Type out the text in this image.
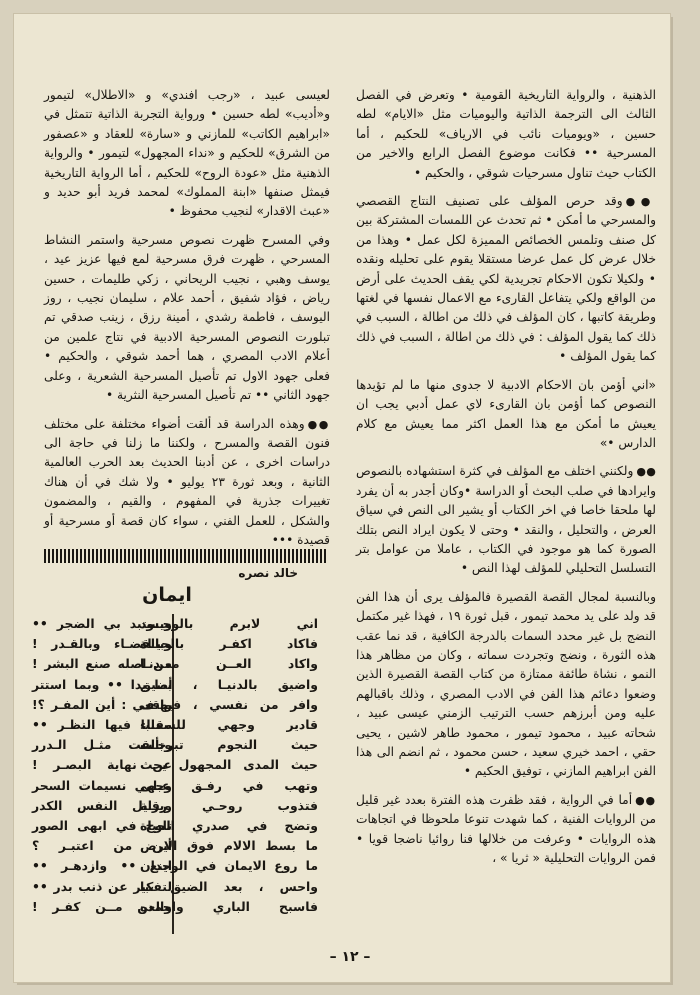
الذهنية ، والرواية التاريخية القومية • وتعرض في الفصل الثالث الى الترجمة الذاتية واليوميات مثل «الايام» لطه حسين ، «ويوميات نائب في الارياف» للحكيم ، أما المسرحية •• فكانت موضوع الفصل الرابع والاخير من الكتاب حيث تناول مسرحيات شوقي ، والحكيم •

●●وقد حرص المؤلف على تصنيف النتاج القصصي والمسرحي ما أمكن • ثم تحدث عن اللمسات المشتركة بين كل صنف وتلمس الخصائص المميزة لكل عمل • وهذا من خلال عرض كل عمل عرضا مستقلا يقوم على تحليله ونقده • ولكيلا تكون الاحكام تجريدية لكي يقف الحديث على أرض من الواقع ولكي يتفاعل القارىء مع الاعمال نفسها في لغتها وطريقة كاتبها ، كان المؤلف في ذلك من اطالة ، السبب في ذلك كما يقول المؤلف : في ذلك من اطالة ، السبب في ذلك كما يقول المؤلف •

«اني أؤمن بان الاحكام الادبية لا جدوى منها ما لم تؤيدها النصوص كما أؤمن بان القارىء لاي عمل أدبي يجب ان يعيش ما أمكن مع هذا العمل اكثر مما يعيش مع كلام الدارس •»

●●ولكنني اختلف مع المؤلف في كثرة استشهاده بالنصوص وايرادها في صلب البحث أو الدراسة •وكان أجدر به أن يفرد لها ملحقا خاصا في اخر الكتاب أو يشير الى النص في سياق العرض ، والتحليل ، والنقد • وحتى لا يكون ايراد النص بتلك الصورة كما هو موجود في الكتاب ، عاملا من عوامل بتر التسلسل التحليلي للمؤلف لهذا النص •

وبالنسبة لمجال القصة القصيرة فالمؤلف يرى أن هذا الفن قد ولد على يد محمد تيمور ، قبل ثورة ١٩ ، فهذا غير مكتمل النضج بل غير محدد السمات بالدرجة الكافية ، قد نما عقب هذه الثورة ، ونضج وتجردت سماته ، وكان من مظاهر هذا النمو ، نشاة طائفة ممتازة من كتاب القصة القصيرة الذين وضعوا دعائم هذا الفن في الادب المصري ، وذلك باقبالهم عليه ومن أبرزهم حسب الترتيب الزمني عيسى عبيد ، شحاته عبيد ، محمود تيمور ، محمود طاهر لاشين ، يحيى حقي ، احمد خيري سعيد ، حسن محمود ، ثم انضم الى هذا الفن ابراهيم المازني ، توفيق الحكيم •

●●أما في الرواية ، فقد ظفرت هذه الفترة بعدد غير قليل من الروايات الفنية ، كما شهدت تنوعا ملحوظا في اتجاهات هذه الروايات • وعرفت من خلالها فنا روائيا ناضجا قويا • فمن الروايات التحليلية « ثريا » ،

لعيسى عبيد ، «رجب افندي» و «الاطلال» لتيمور و«أديب» لطه حسين • ورواية التجربة الذاتية تتمثل في «ابراهيم الكاتب» للمازني و «سارة» للعقاد و «عصفور من الشرق» للحكيم و «نداء المجهول» لتيمور • والرواية الذهنية مثل «عودة الروح» للحكيم ، أما الرواية التاريخية فيمثل صنفها «ابنة المملوك» لمحمد فريد أبو حديد و «عبث الاقدار» لنجيب محفوظ •

وفي المسرح ظهرت نصوص مسرحية واستمر النشاط المسرحي ، ظهرت فرق مسرحية لمع فيها عزيز عيد ، يوسف وهبي ، نجيب الريحاني ، زكي طليمات ، حسين رياض ، فؤاد شفيق ، أحمد علام ، سليمان نجيب ، روز اليوسف ، فاطمة رشدي ، أمينة رزق ، زينب صدقي تم تبلورت النصوص المسرحية الادبية في نتاج علمين من أعلام الادب المصري ، هما أحمد شوقي ، والحكيم • فعلى جهود الاول تم تأصيل المسرحية الشعرية ، وعلى جهود الثاني •• تم تأصيل المسرحية النثرية •

●●وهذه الدراسة قد ألقت أضواء مختلفة على مختلف فنون القصة والمسرح ، ولكننا ما زلنا في حاجة الى دراسات اخرى ، عن أدبنا الحديث بعد الحرب العالمية الثانية ، وبعد ثورة ٢٣ يوليو • ولا شك في أن هناك تغييرات جذرية في المفهوم ، والقيم ، والمضمون والشكل ، للعمل الفني ، سواء كان قصة أو مسرحية أو قصيدة •••

خالد نصره
ايمان
اني لابرم بالوجــود
فاكاد اكفـر بالحيـاة
واكاد العــن معـدنـا
واضيق بالدنيـا ، أضيق
وافر من نفسي ، فيهتف
قادير وجهي للسمـاء
حيث النجوم تبرجـت
حيث المدى المجهول يحث
وتهب في رفـق عـلى
فتذوب روحـي رقـة
وتضج في صدري الحياة
ما بسط الالام فوق الارض
ما روع الايمان في الوجدان
واحس ، بعد الضيق ،با
فاسبح الباري واحمده
ويستبد بي الضجر ••
وبالقضـاء وبالقـدر !
من اصله صنع البشر !
بما بدا •• وبما استتر
واقعي : أين المفـر ؟!
مقلبا فيها النظـر ••
وتألقت مثـل الـدرر
عن نهاية البصـر !
وجهي نسيمات السحر
ويزايل النفس الكدر
تلوح في ابهى الصور
أين من اعتبـر ؟
اينع •• وازدهـر ••
لتفكير عن ذنب بدر ••
والعن مــن كفـر !
– ١٢ –
